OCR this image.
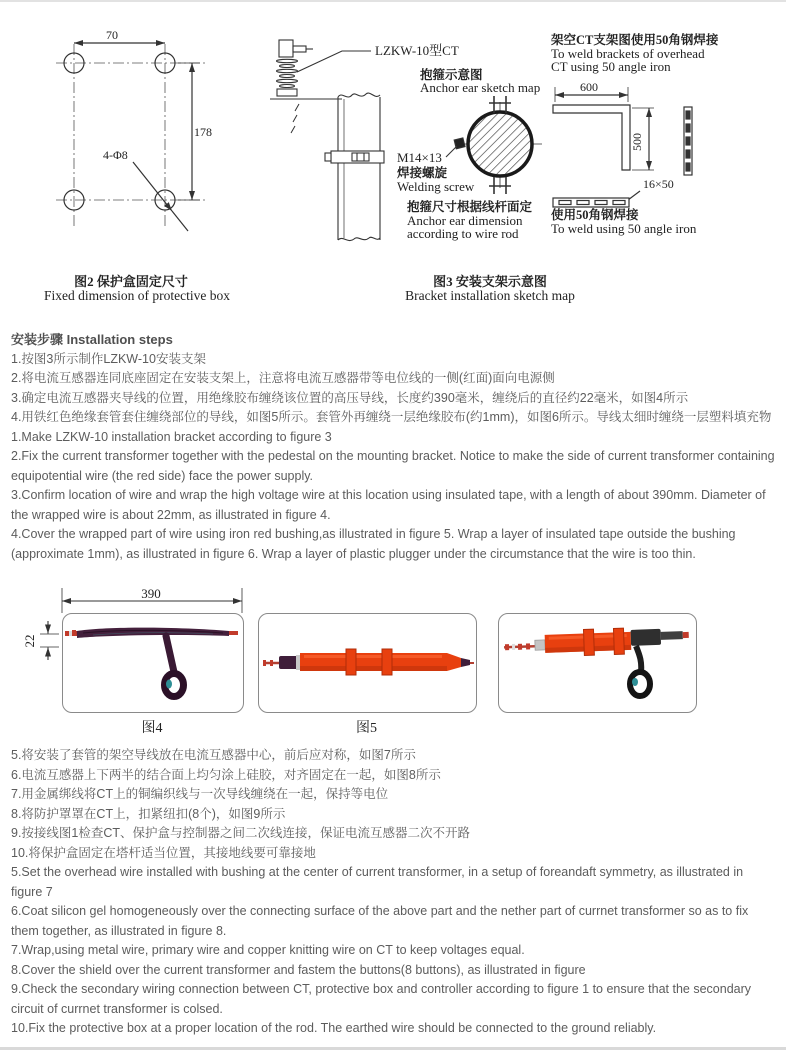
70
178
4-Φ8
图2 保护盒固定尺寸
Fixed dimension of protective box
LZKW-10型CT
抱箍示意图
Anchor ear sketch map
M14×13
焊接螺旋
Welding screw
抱箍尺寸根据线杆面定
Anchor ear dimension
according to wire rod
图3 安装支架示意图
Bracket installation sketch map
架空CT支架图使用50角钢焊接
To weld brackets of overhead
CT using 50 angle iron
600
500
16×50
使用50角钢焊接
To weld using 50 angle iron
安装步骤 Installation steps
1.按图3所示制作LZKW-10安装支架
2.将电流互感器连同底座固定在安装支架上，注意将电流互感器带等电位线的一侧(红面)面向电源侧
3.确定电流互感器夹导线的位置，用绝缘胶布缠绕该位置的高压导线，长度约390毫米，缠绕后的直径约22毫米，如图4所示
4.用铁红色绝缘套管套住缠绕部位的导线，如图5所示。套管外再缠绕一层绝缘胶布(约1mm)，如图6所示。导线太细时缠绕一层塑料填充物
1.Make LZKW-10 installation bracket according to figure 3
2.Fix the current transformer together with the pedestal on the mounting bracket. Notice to make the side of current transformer containing equipotential wire (the red side) face the power supply.
3.Confirm location of wire and wrap the high voltage wire at this location using insulated tape, with a length of about 390mm. Diameter of the wrapped wire is about 22mm, as illustrated in figure 4.
4.Cover the wrapped part of wire using iron red bushing,as illustrated in figure 5. Wrap a layer of insulated tape outside the bushing (approximate 1mm), as illustrated in figure 6. Wrap a layer of plastic plugger under the circumstance that the wire is too thin.
390
22
图4	图5
5.将安装了套管的架空导线放在电流互感器中心，前后应对称，如图7所示
6.电流互感器上下两半的结合面上均匀涂上硅胶，对齐固定在一起，如图8所示
7.用金属绑线将CT上的铜编织线与一次导线缠绕在一起，保持等电位
8.将防护罩罩在CT上，扣紧纽扣(8个)，如图9所示
9.按接线图1检查CT、保护盒与控制器之间二次线连接，保证电流互感器二次不开路
10.将保护盒固定在塔杆适当位置，其接地线要可靠接地
5.Set the overhead wire installed with bushing at the center of current transformer, in a setup of foreandaft symmetry, as illustrated in figure 7
6.Coat silicon gel homogeneously over the connecting surface of the above part and the nether part of currnet transformer so as to fix them together, as illustrated in figure 8.
7.Wrap,using metal wire, primary wire and copper knitting wire on CT to keep voltages equal.
8.Cover the shield over the current transformer and fastem the buttons(8 buttons), as illustrated in figure
9.Check the secondary wiring connection between CT, protective box and controller according to figure 1 to ensure that the secondary circuit of currnet transformer is colsed.
10.Fix the protective box at a proper location of the rod. The earthed wire should be connected to the ground reliably.
